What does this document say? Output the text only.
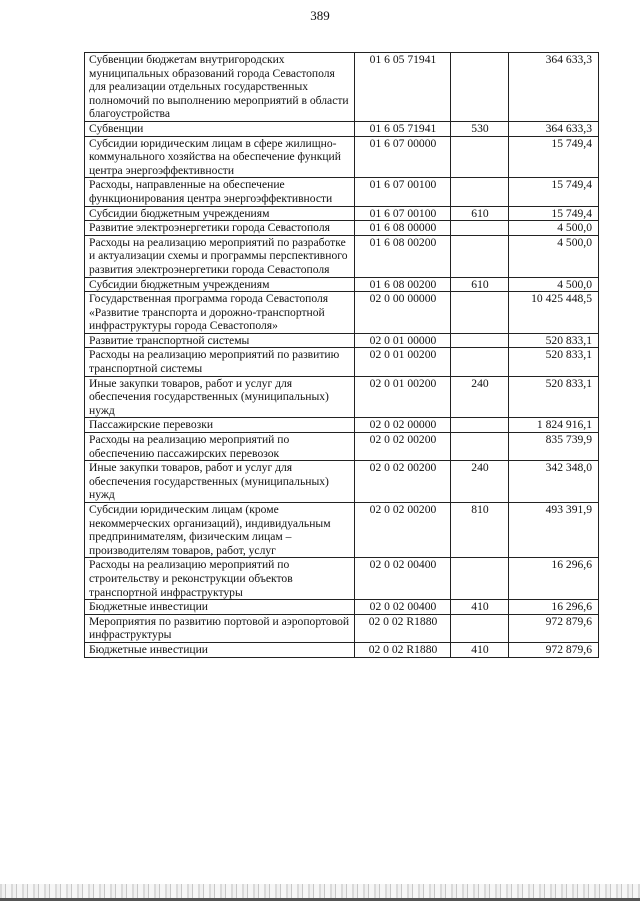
389
Субвенции бюджетам внутригородских муниципальных образований города Севастополя для реализации отдельных государственных полномочий по выполнению мероприятий в области благоустройства	01 6 05 71941		364 633,3
Субвенции	01 6 05 71941	530	364 633,3
Субсидии юридическим лицам в сфере жилищно-коммунального хозяйства на обеспечение функций центра энергоэффективности	01 6 07 00000		15 749,4
Расходы, направленные на обеспечение функционирования центра энергоэффективности	01 6 07 00100		15 749,4
Субсидии бюджетным учреждениям	01 6 07 00100	610	15 749,4
Развитие электроэнергетики города Севастополя	01 6 08 00000		4 500,0
Расходы на реализацию мероприятий по разработке и актуализации схемы и программы перспективного развития электроэнергетики города Севастополя	01 6 08 00200		4 500,0
Субсидии бюджетным учреждениям	01 6 08 00200	610	4 500,0
Государственная программа города Севастополя «Развитие транспорта и дорожно-транспортной инфраструктуры города Севастополя»	02 0 00 00000		10 425 448,5
Развитие транспортной системы	02 0 01 00000		520 833,1
Расходы на реализацию мероприятий по развитию транспортной системы	02 0 01 00200		520 833,1
Иные закупки товаров, работ и услуг для обеспечения государственных (муниципальных) нужд	02 0 01 00200	240	520 833,1
Пассажирские перевозки	02 0 02 00000		1 824 916,1
Расходы на реализацию мероприятий по обеспечению пассажирских перевозок	02 0 02 00200		835 739,9
Иные закупки товаров, работ и услуг для обеспечения государственных (муниципальных) нужд	02 0 02 00200	240	342 348,0
Субсидии юридическим лицам (кроме некоммерческих организаций), индивидуальным предпринимателям, физическим лицам – производителям товаров, работ, услуг	02 0 02 00200	810	493 391,9
Расходы на реализацию мероприятий по строительству и реконструкции объектов транспортной инфраструктуры	02 0 02 00400		16 296,6
Бюджетные инвестиции	02 0 02 00400	410	16 296,6
Мероприятия по развитию портовой и аэропортовой инфраструктуры	02 0 02 R1880		972 879,6
Бюджетные инвестиции	02 0 02 R1880	410	972 879,6
